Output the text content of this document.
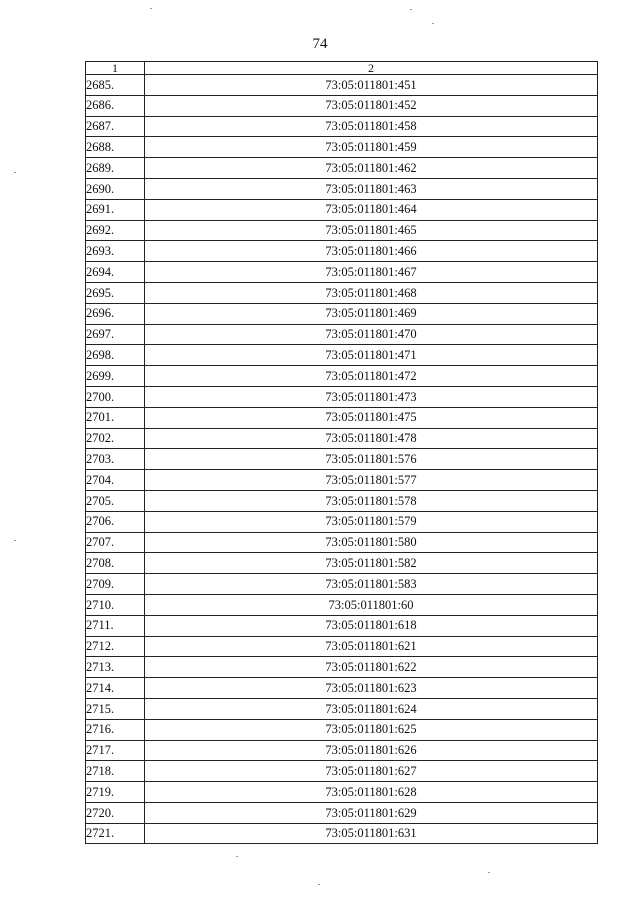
74
1	2
2685.	73:05:011801:451
2686.	73:05:011801:452
2687.	73:05:011801:458
2688.	73:05:011801:459
2689.	73:05:011801:462
2690.	73:05:011801:463
2691.	73:05:011801:464
2692.	73:05:011801:465
2693.	73:05:011801:466
2694.	73:05:011801:467
2695.	73:05:011801:468
2696.	73:05:011801:469
2697.	73:05:011801:470
2698.	73:05:011801:471
2699.	73:05:011801:472
2700.	73:05:011801:473
2701.	73:05:011801:475
2702.	73:05:011801:478
2703.	73:05:011801:576
2704.	73:05:011801:577
2705.	73:05:011801:578
2706.	73:05:011801:579
2707.	73:05:011801:580
2708.	73:05:011801:582
2709.	73:05:011801:583
2710.	73:05:011801:60
2711.	73:05:011801:618
2712.	73:05:011801:621
2713.	73:05:011801:622
2714.	73:05:011801:623
2715.	73:05:011801:624
2716.	73:05:011801:625
2717.	73:05:011801:626
2718.	73:05:011801:627
2719.	73:05:011801:628
2720.	73:05:011801:629
2721.	73:05:011801:631
